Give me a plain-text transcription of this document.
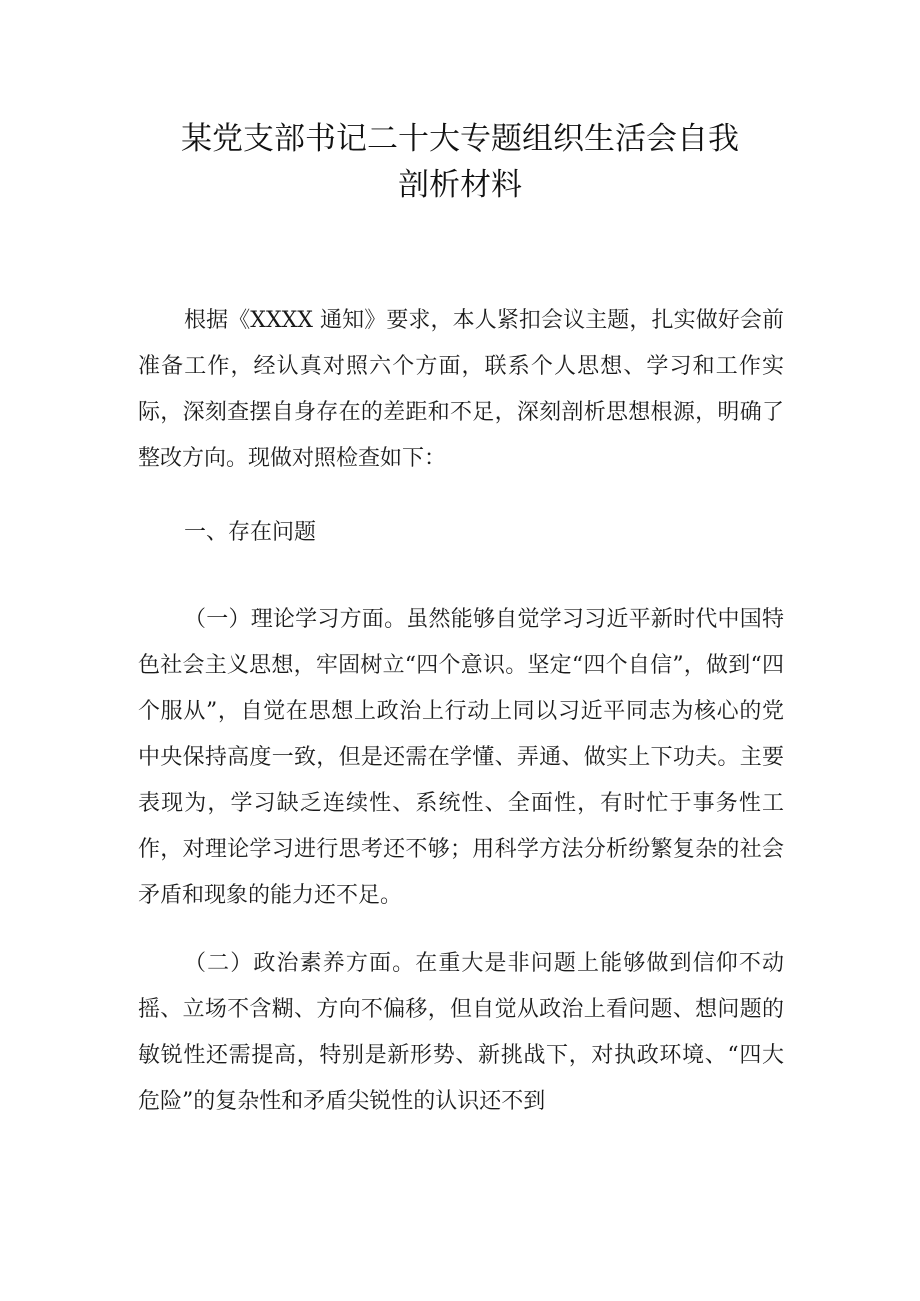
某党支部书记二十大专题组织生活会自我
剖析材料

根据《XXXX 通知》要求，本人紧扣会议主题，扎实做好会前准备工作，经认真对照六个方面，联系个人思想、学习和工作实际，深刻查摆自身存在的差距和不足，深刻剖析思想根源，明确了整改方向。现做对照检查如下：

一、存在问题

（一）理论学习方面。虽然能够自觉学习习近平新时代中国特色社会主义思想，牢固树立“四个意识。坚定“四个自信”，做到“四个服从”，自觉在思想上政治上行动上同以习近平同志为核心的党中央保持高度一致，但是还需在学懂、弄通、做实上下功夫。主要表现为，学习缺乏连续性、系统性、全面性，有时忙于事务性工作，对理论学习进行思考还不够；用科学方法分析纷繁复杂的社会矛盾和现象的能力还不足。

（二）政治素养方面。在重大是非问题上能够做到信仰不动摇、立场不含糊、方向不偏移，但自觉从政治上看问题、想问题的敏锐性还需提高，特别是新形势、新挑战下，对执政环境、“四大危险”的复杂性和矛盾尖锐性的认识还不到
